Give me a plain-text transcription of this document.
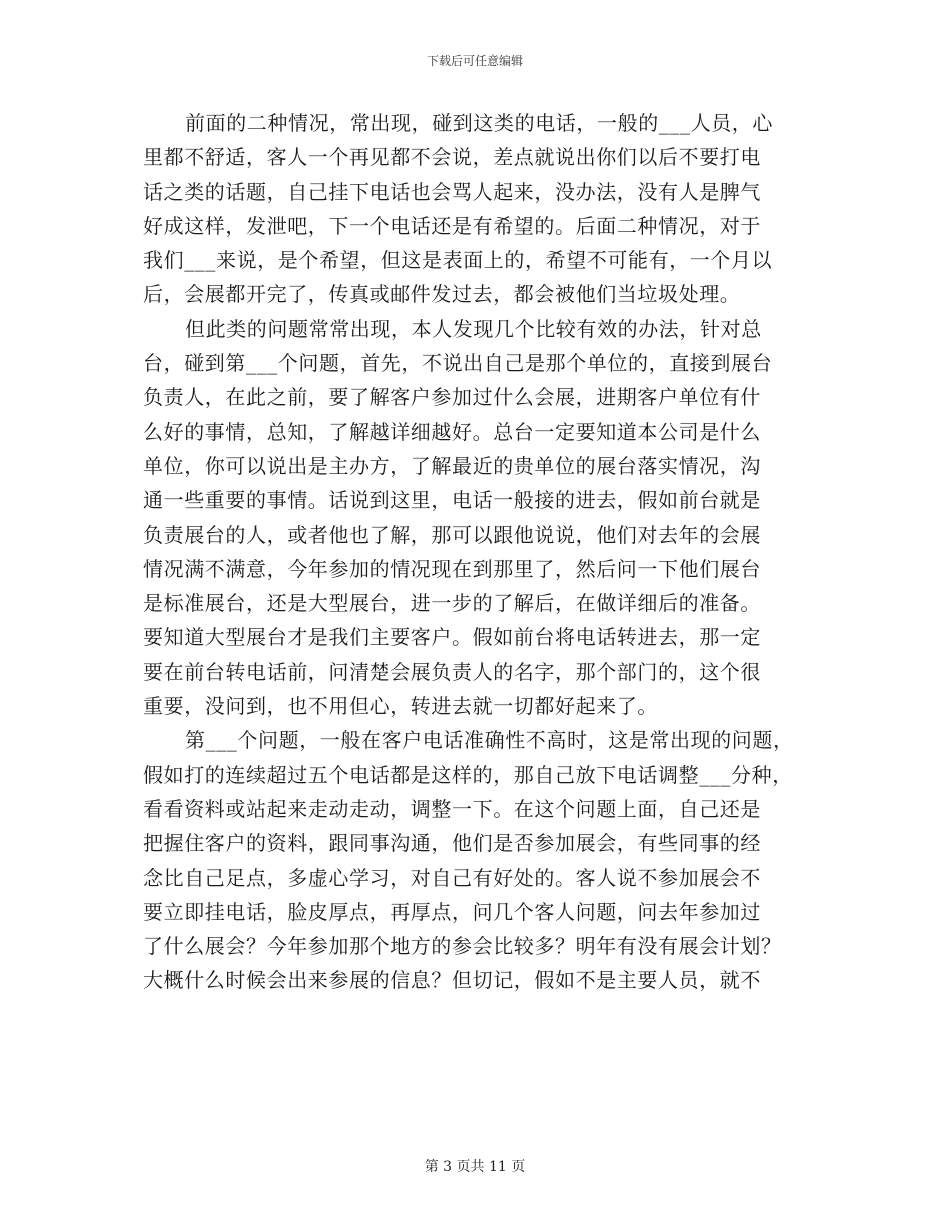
下载后可任意编辑
前面的二种情况，常出现，碰到这类的电话，一般的___人员，心
里都不舒适，客人一个再见都不会说，差点就说出你们以后不要打电
话之类的话题，自己挂下电话也会骂人起来，没办法，没有人是脾气
好成这样，发泄吧，下一个电话还是有希望的。后面二种情况，对于
我们___来说，是个希望，但这是表面上的，希望不可能有，一个月以
后，会展都开完了，传真或邮件发过去，都会被他们当垃圾处理。
但此类的问题常常出现，本人发现几个比较有效的办法，针对总
台，碰到第___个问题，首先，不说出自己是那个单位的，直接到展台
负责人，在此之前，要了解客户参加过什么会展，进期客户单位有什
么好的事情，总知，了解越详细越好。总台一定要知道本公司是什么
单位，你可以说出是主办方，了解最近的贵单位的展台落实情况，沟
通一些重要的事情。话说到这里，电话一般接的进去，假如前台就是
负责展台的人，或者他也了解，那可以跟他说说，他们对去年的会展
情况满不满意，今年参加的情况现在到那里了，然后问一下他们展台
是标准展台，还是大型展台，进一步的了解后，在做详细后的准备。
要知道大型展台才是我们主要客户。假如前台将电话转进去，那一定
要在前台转电话前，问清楚会展负责人的名字，那个部门的，这个很
重要，没问到，也不用但心，转进去就一切都好起来了。
第___个问题，一般在客户电话准确性不高时，这是常出现的问题，
假如打的连续超过五个电话都是这样的，那自己放下电话调整___分种，
看看资料或站起来走动走动，调整一下。在这个问题上面，自己还是
把握住客户的资料，跟同事沟通，他们是否参加展会，有些同事的经
念比自己足点，多虚心学习，对自己有好处的。客人说不参加展会不
要立即挂电话，脸皮厚点，再厚点，问几个客人问题，问去年参加过
了什么展会？今年参加那个地方的参会比较多？明年有没有展会计划？
大概什么时候会出来参展的信息？但切记，假如不是主要人员，就不
第 3 页共 11 页
